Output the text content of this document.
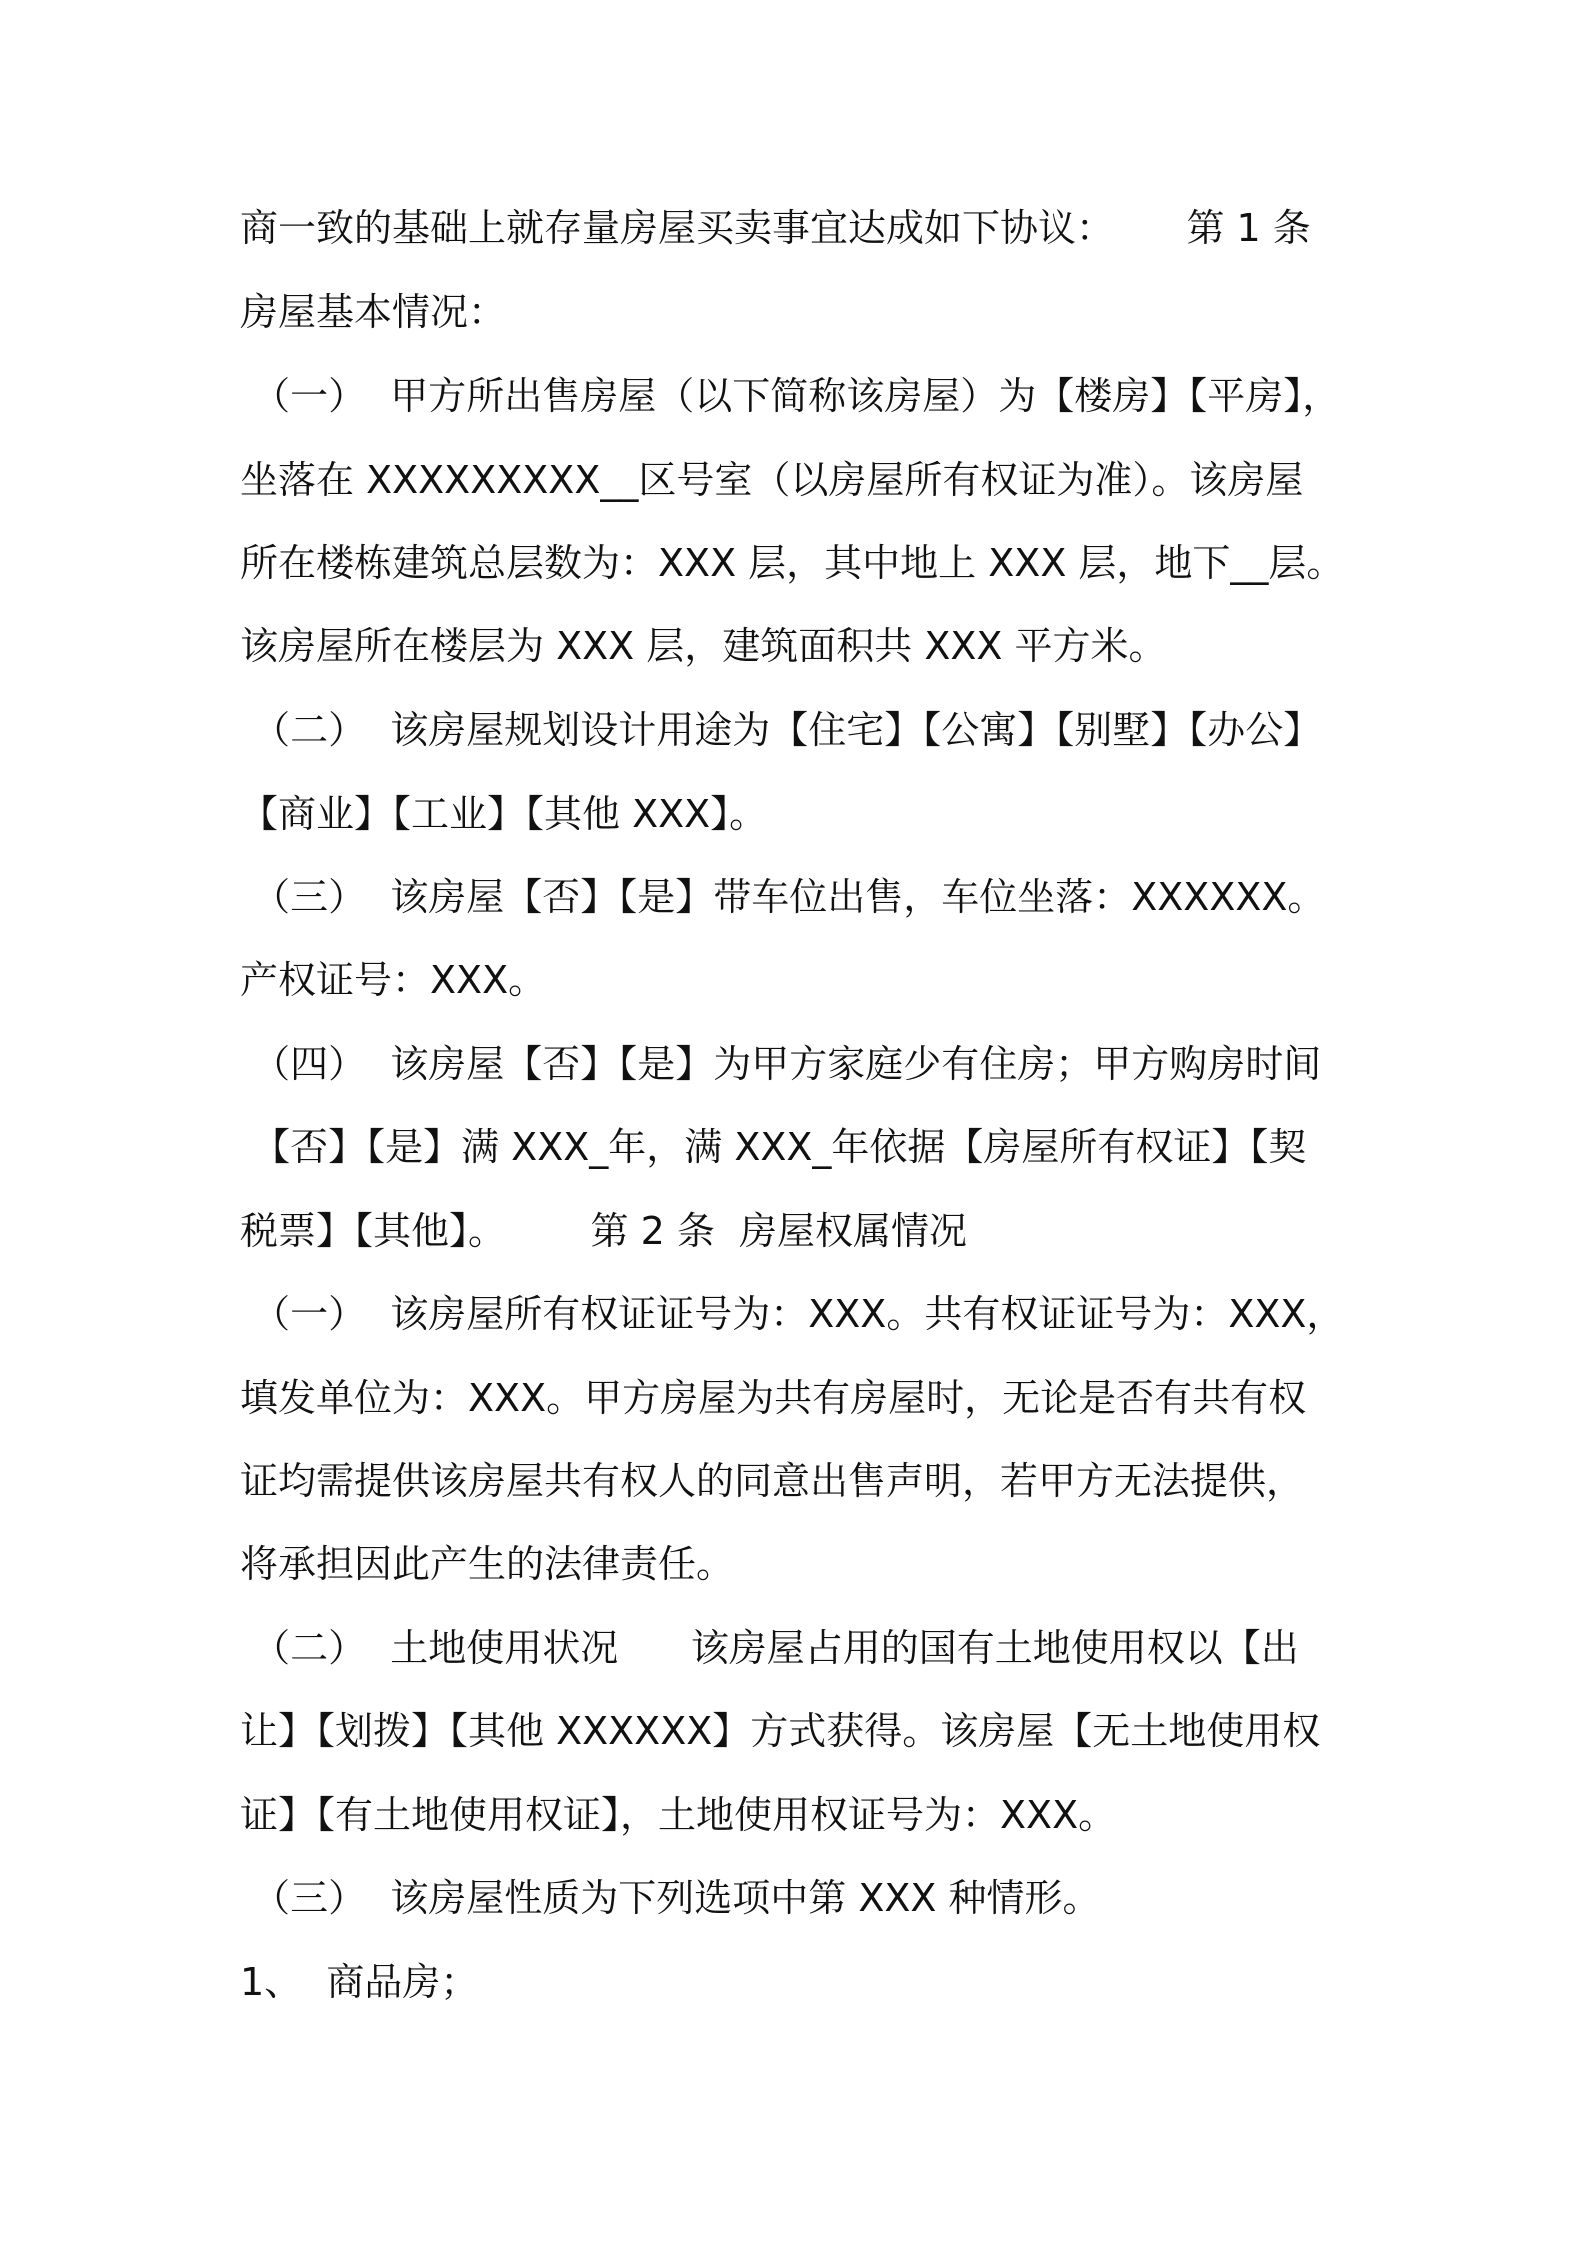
商一致的基础上就存量房屋买卖事宜达成如下协议：      第 1 条
房屋基本情况：
（一）  甲方所出售房屋（以下简称该房屋）为【楼房】【平房】，
坐落在 XXXXXXXXX__区号室（以房屋所有权证为准）。该房屋
所在楼栋建筑总层数为：XXX 层，其中地上 XXX 层，地下__层。
该房屋所在楼层为 XXX 层，建筑面积共 XXX 平方米。
（二）  该房屋规划设计用途为【住宅】【公寓】【别墅】【办公】
【商业】【工业】【其他 XXX】。
（三）  该房屋【否】【是】带车位出售，车位坐落：XXXXXX。
产权证号：XXX。
（四）  该房屋【否】【是】为甲方家庭少有住房；甲方购房时间
【否】【是】满 XXX_年，满 XXX_年依据【房屋所有权证】【契
税票】【其他】。       第 2 条  房屋权属情况
（一）  该房屋所有权证证号为：XXX。共有权证证号为：XXX，
填发单位为：XXX。甲方房屋为共有房屋时，无论是否有共有权
证均需提供该房屋共有权人的同意出售声明，若甲方无法提供，
将承担因此产生的法律责任。
（二）  土地使用状况      该房屋占用的国有土地使用权以【出
让】【划拨】【其他 XXXXXX】方式获得。该房屋【无土地使用权
证】【有土地使用权证】，土地使用权证号为：XXX。
（三）  该房屋性质为下列选项中第 XXX 种情形。
1、  商品房；
